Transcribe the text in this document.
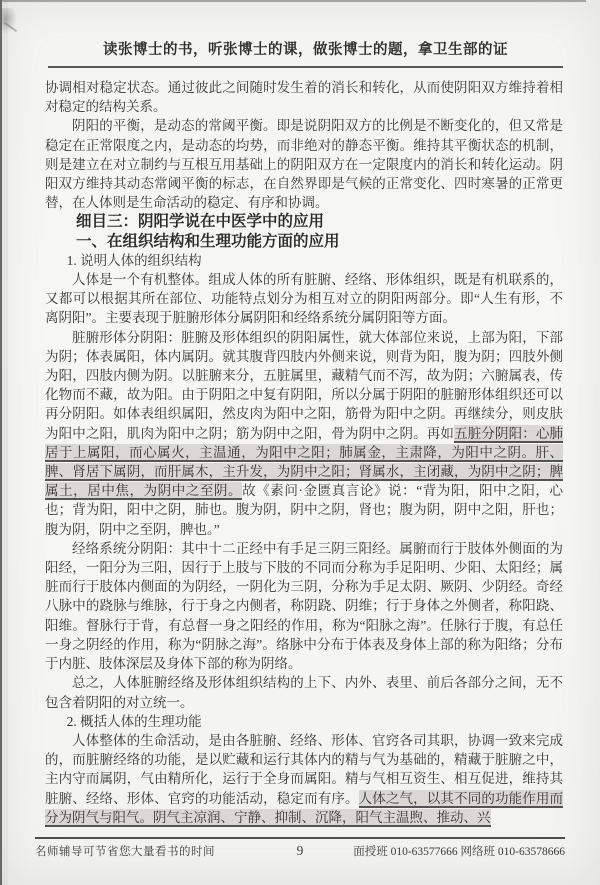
读张博士的书，听张博士的课，做张博士的题，拿卫生部的证

协调相对稳定状态。通过彼此之间随时发生着的消长和转化，从而使阴阳双方维持着相对稳定的结构关系。

阴阳的平衡，是动态的常阈平衡。即是说阴阳双方的比例是不断变化的，但又常是稳定在正常限度之内，是动态的均势，而非绝对的静态平衡。维持其平衡状态的机制，则是建立在对立制约与互根互用基础上的阴阳双方在一定限度内的消长和转化运动。阴阳双方维持其动态常阈平衡的标志，在自然界即是气候的正常变化、四时寒暑的正常更替，在人体则是生命活动的稳定、有序和协调。

细目三：阴阳学说在中医学中的应用

一、在组织结构和生理功能方面的应用

1. 说明人体的组织结构

人体是一个有机整体。组成人体的所有脏腑、经络、形体组织，既是有机联系的，又都可以根据其所在部位、功能特点划分为相互对立的阴阳两部分。即“人生有形，不离阴阳”。主要表现于脏腑形体分属阴阳和经络系统分属阴阳等方面。

脏腑形体分阴阳：脏腑及形体组织的阴阳属性，就大体部位来说，上部为阳，下部为阴；体表属阳，体内属阴。就其腹背四肢内外侧来说，则背为阳，腹为阴；四肢外侧为阳，四肢内侧为阴。以脏腑来分，五脏属里，藏精气而不泻，故为阴；六腑属表，传化物而不藏，故为阳。由于阴阳之中复有阴阳，所以分属于阴阳的脏腑形体组织还可以再分阴阳。如体表组织属阳，然皮肉为阳中之阳，筋骨为阳中之阴。再继续分，则皮肤为阳中之阳，肌肉为阳中之阴；筋为阴中之阳，骨为阴中之阴。再如五脏分阴阳：心肺居于上属阳，而心属火，主温通，为阳中之阳；肺属金，主肃降，为阳中之阴。肝、脾、肾居下属阴，而肝属木，主升发，为阴中之阳；肾属水，主闭藏，为阴中之阴；脾属土，居中焦，为阴中之至阴。故《素问·金匮真言论》说：“背为阳，阳中之阳，心也；背为阳，阳中之阴，肺也。腹为阴，阴中之阴，肾也；腹为阴，阴中之阳，肝也；腹为阴，阴中之至阴，脾也。”

经络系统分阴阳：其中十二正经中有手足三阴三阳经。属腑而行于肢体外侧面的为阳经，一阳分为三阳，因行于上肢与下肢的不同而分称为手足阳明、少阳、太阳经；属脏而行于肢体内侧面的为阴经，一阴化为三阴，分称为手足太阴、厥阴、少阴经。奇经八脉中的跷脉与维脉，行于身之内侧者，称阴跷、阴维；行于身体之外侧者，称阳跷、阳维。督脉行于背，有总督一身之阳经的作用，称为“阳脉之海”。任脉行于腹，有总任一身之阴经的作用，称为“阴脉之海”。络脉中分布于体表及身体上部的称为阳络；分布于内脏、肢体深层及身体下部的称为阴络。

总之，人体脏腑经络及形体组织结构的上下、内外、表里、前后各部分之间，无不包含着阴阳的对立统一。

2. 概括人体的生理功能

人体整体的生命活动，是由各脏腑、经络、形体、官窍各司其职，协调一致来完成的，而脏腑经络的功能，是以贮藏和运行其体内的精与气为基础的，精藏于脏腑之中，主内守而属阴，气由精所化，运行于全身而属阳。精与气相互资生、相互促进，维持其脏腑、经络、形体、官窍的功能活动，稳定而有序。人体之气，以其不同的功能作用而分为阴气与阳气。阴气主凉润、宁静、抑制、沉降，阳气主温煦、推动、兴

名师辅导可节省您大量看书的时间	9	面授班 010-63577666 网络班 010-63578666
